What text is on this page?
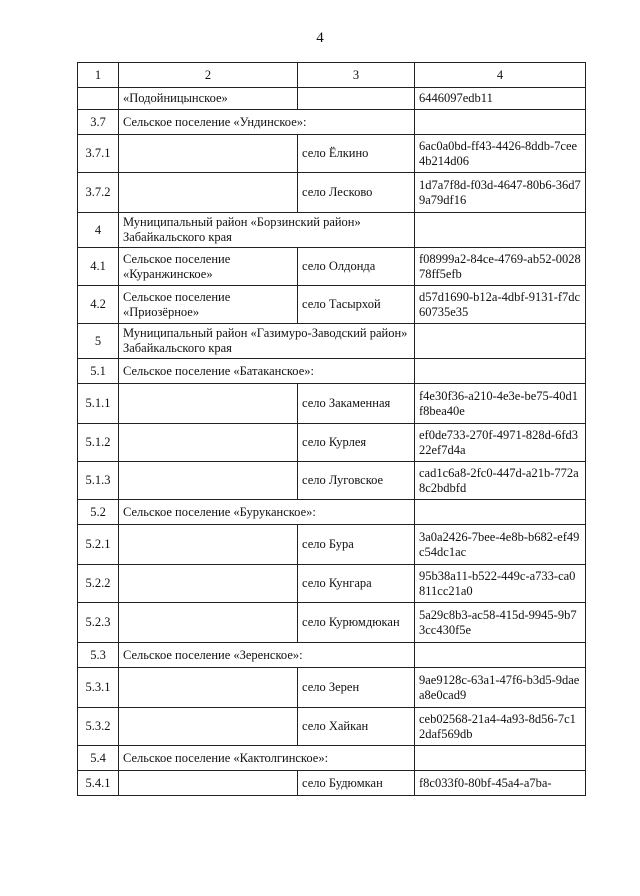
4
1	2	3	4
	«Подойницынское»		6446097edb11
3.7	Сельское поселение «Ундинское»:		
3.7.1		село Ёлкино	6ac0a0bd-ff43-4426-8ddb-7cee4b214d06
3.7.2		село Лесково	1d7a7f8d-f03d-4647-80b6-36d79a79df16
4	Муниципальный район «Борзинский район» Забайкальского края		
4.1	Сельское поселение «Куранжинское»	село Олдонда	f08999a2-84ce-4769-ab52-002878ff5efb
4.2	Сельское поселение «Приозёрное»	село Тасырхой	d57d1690-b12a-4dbf-9131-f7dc60735e35
5	Муниципальный район «Газимуро-Заводский район» Забайкальского края		
5.1	Сельское поселение «Батаканское»:		
5.1.1		село Закаменная	f4e30f36-a210-4e3e-be75-40d1f8bea40e
5.1.2		село Курлея	ef0de733-270f-4971-828d-6fd322ef7d4a
5.1.3		село Луговское	cad1c6a8-2fc0-447d-a21b-772a8c2bdbfd
5.2	Сельское поселение «Буруканское»:		
5.2.1		село Бура	3a0a2426-7bee-4e8b-b682-ef49c54dc1ac
5.2.2		село Кунгара	95b38a11-b522-449c-a733-ca0811cc21a0
5.2.3		село Курюмдюкан	5a29c8b3-ac58-415d-9945-9b73cc430f5e
5.3	Сельское поселение «Зеренское»:		
5.3.1		село Зерен	9ae9128c-63a1-47f6-b3d5-9daea8e0cad9
5.3.2		село Хайкан	ceb02568-21a4-4a93-8d56-7c12daf569db
5.4	Сельское поселение «Кактолгинское»:		
5.4.1		село Будюмкан	f8c033f0-80bf-45a4-a7ba-
